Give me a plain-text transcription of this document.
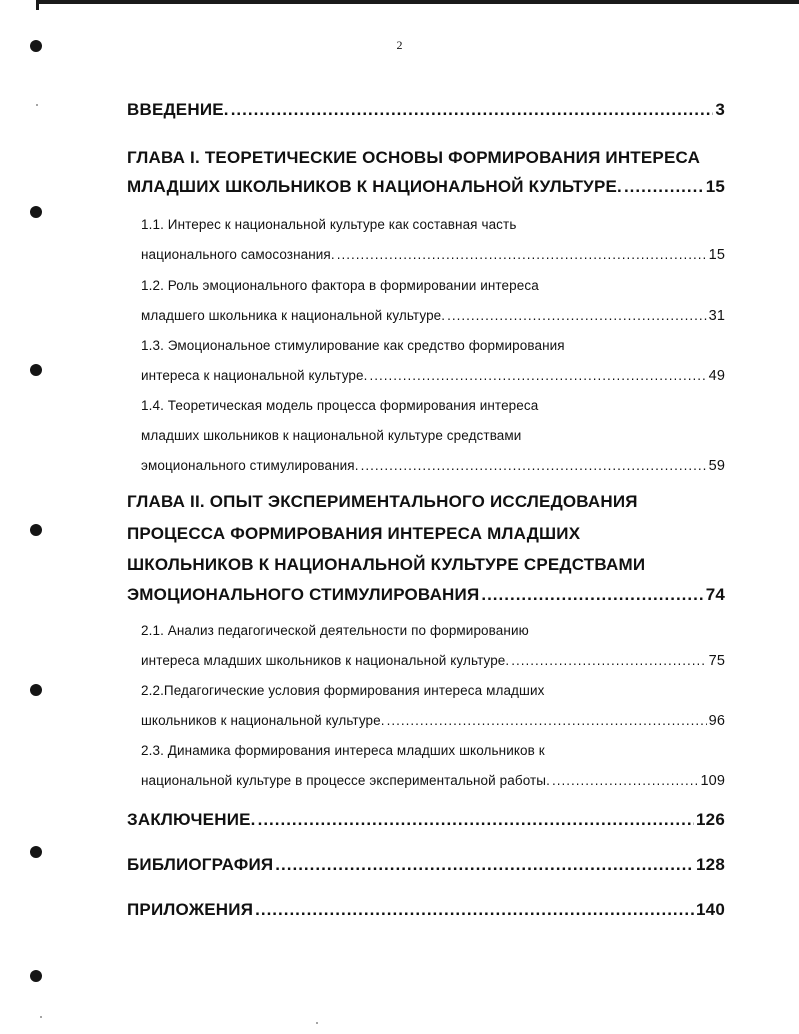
2
ВВЕДЕНИЕ. .....	3
ГЛАВА I. ТЕОРЕТИЧЕСКИЕ ОСНОВЫ ФОРМИРОВАНИЯ ИНТЕРЕСА
МЛАДШИХ ШКОЛЬНИКОВ К НАЦИОНАЛЬНОЙ КУЛЬТУРЕ. .....	15
1.1. Интерес к национальной культуре как составная часть
национального самосознания. .....	15
1.2. Роль эмоционального фактора в формировании интереса
младшего школьника к национальной культуре. .....	31
1.3. Эмоциональное стимулирование как средство формирования
интереса к национальной культуре. .....	49
1.4. Теоретическая модель процесса формирования интереса
младших школьников к национальной культуре средствами
эмоционального стимулирования. .....	59
ГЛАВА II. ОПЫТ ЭКСПЕРИМЕНТАЛЬНОГО ИССЛЕДОВАНИЯ
ПРОЦЕССА ФОРМИРОВАНИЯ ИНТЕРЕСА МЛАДШИХ
ШКОЛЬНИКОВ К НАЦИОНАЛЬНОЙ КУЛЬТУРЕ СРЕДСТВАМИ
ЭМОЦИОНАЛЬНОГО СТИМУЛИРОВАНИЯ .....	74
2.1. Анализ педагогической деятельности по формированию
интереса младших школьников к национальной культуре. .....	75
2.2.Педагогические условия формирования интереса младших
школьников к национальной культуре. .....	96
2.3. Динамика формирования интереса младших школьников к
национальной культуре в процессе экспериментальной работы. .....	109
ЗАКЛЮЧЕНИЕ. .....	126
БИБЛИОГРАФИЯ .....	128
ПРИЛОЖЕНИЯ .....	140
